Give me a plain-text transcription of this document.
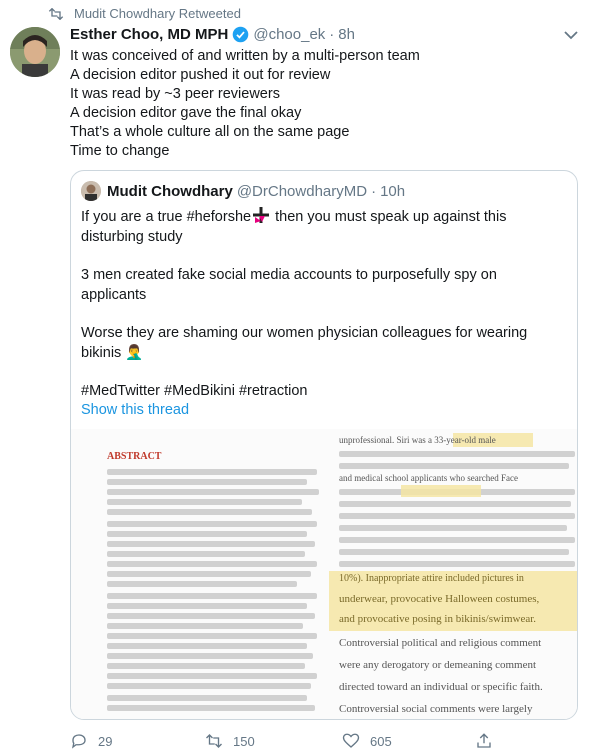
Mudit Chowdhary Retweeted
Esther Choo, MD MPH @choo_ek · 8h
It was conceived of and written by a multi-person team
A decision editor pushed it out for review
It was read by ~3 peer reviewers
A decision editor gave the final okay
That’s a whole culture all on the same page
Time to change
Mudit Chowdhary @DrChowdharyMD · 10h

If you are a true #heforshe then you must speak up against this disturbing study

3 men created fake social media accounts to purposefully spy on applicants

Worse they are shaming our women physician colleagues for wearing bikinis 🤦‍♂️

#MedTwitter #MedBikini #retraction

Show this thread
ABSTRACT
unprofessional. Siri was a 33-year-old male
and medical school applicants who searched Face
10%). Inappropriate attire included pictures in
underwear, provocative Halloween costumes,
and provocative posing in bikinis/swimwear.
Controversial political and religious comment
were any derogatory or demeaning comment
directed toward an individual or specific faith.
Controversial social comments were largely
29	150	605
